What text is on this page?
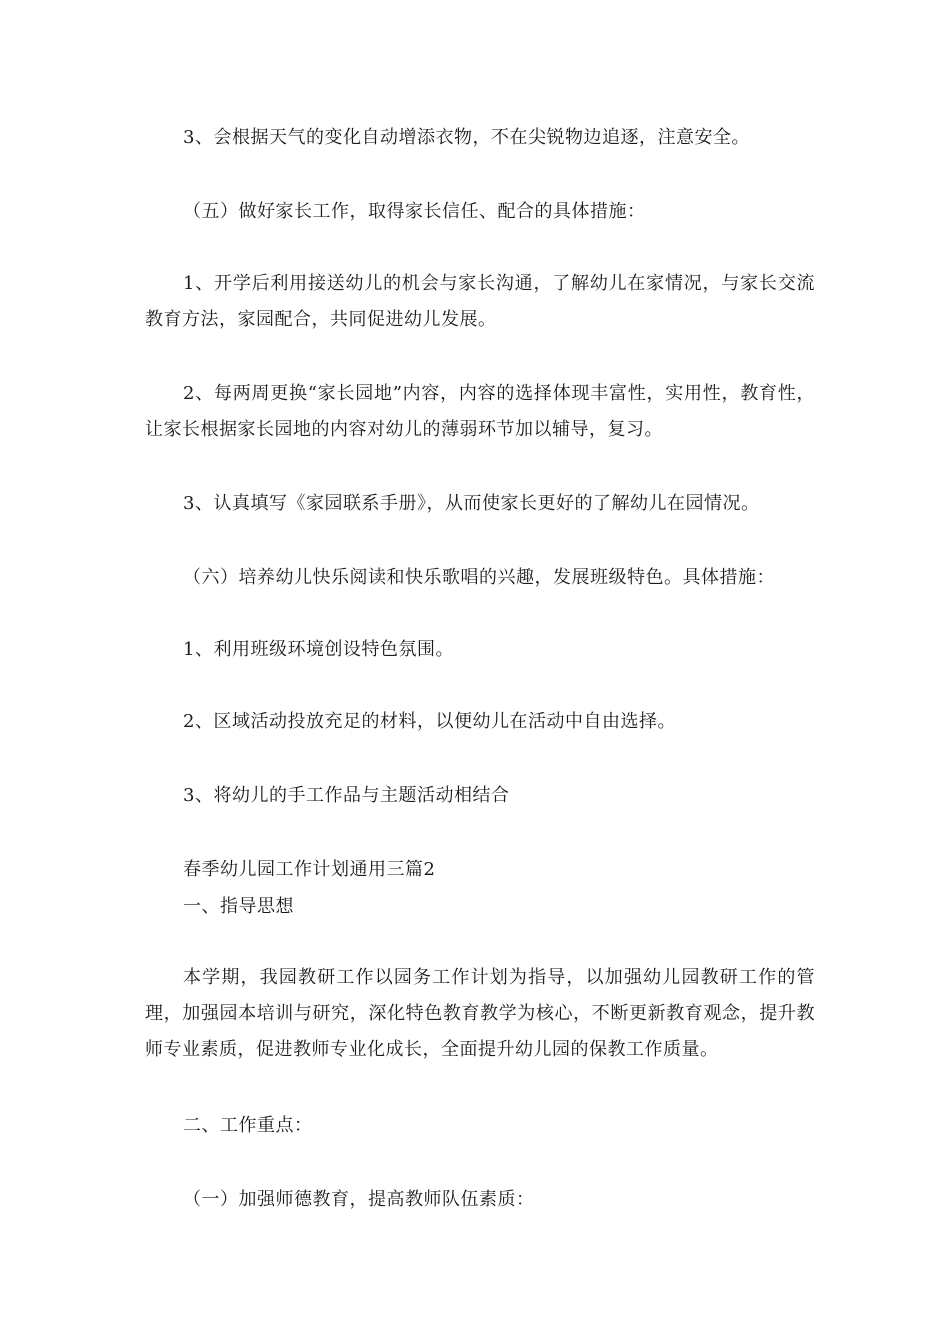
3、会根据天气的变化自动增添衣物，不在尖锐物边追逐，注意安全。

（五）做好家长工作，取得家长信任、配合的具体措施：

1、开学后利用接送幼儿的机会与家长沟通，了解幼儿在家情况，与家长交流教育方法，家园配合，共同促进幼儿发展。

2、每两周更换“家长园地”内容，内容的选择体现丰富性，实用性，教育性，让家长根据家长园地的内容对幼儿的薄弱环节加以辅导，复习。

3、认真填写《家园联系手册》，从而使家长更好的了解幼儿在园情况。

（六）培养幼儿快乐阅读和快乐歌唱的兴趣，发展班级特色。具体措施：

1、利用班级环境创设特色氛围。

2、区域活动投放充足的材料，以便幼儿在活动中自由选择。

3、将幼儿的手工作品与主题活动相结合

春季幼儿园工作计划通用三篇2

一、指导思想

本学期，我园教研工作以园务工作计划为指导，以加强幼儿园教研工作的管理，加强园本培训与研究，深化特色教育教学为核心，不断更新教育观念，提升教师专业素质，促进教师专业化成长，全面提升幼儿园的保教工作质量。

二、工作重点：

（一）加强师德教育，提高教师队伍素质：
